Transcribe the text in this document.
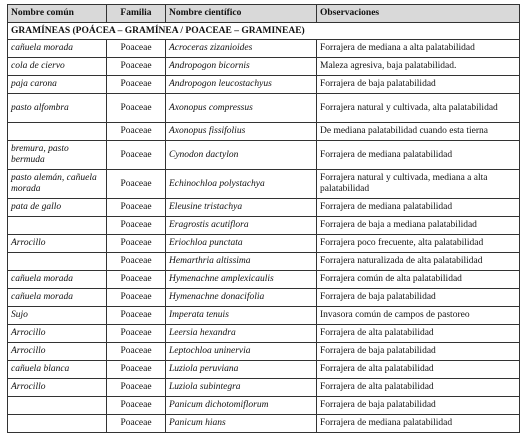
Nombre común	Familia	Nombre científico	Observaciones
GRAMÍNEAS (POÁCEA – GRAMÍNEA / POACEAE – GRAMINEAE)			
cañuela morada	Poaceae	Acroceras zizanioides	Forrajera de mediana a alta palatabilidad
cola de ciervo	Poaceae	Andropogon bicornis	Maleza agresiva, baja palatabilidad.
paja carona	Poaceae	Andropogon leucostachyus	Forrajera de baja palatabilidad
pasto alfombra	Poaceae	Axonopus compressus	Forrajera natural y cultivada, alta palatabilidad
	Poaceae	Axonopus fissifolius	De mediana palatabilidad cuando esta tierna
bremura, pasto bermuda	Poaceae	Cynodon dactylon	Forrajera de mediana palatabilidad
pasto alemán, cañuela morada	Poaceae	Echinochloa polystachya	Forrajera natural y cultivada, mediana a alta palatabilidad
pata de gallo	Poaceae	Eleusine tristachya	Forrajera de mediana palatabilidad
	Poaceae	Eragrostis acutiflora	Forrajera de baja a mediana palatabilidad
Arrocillo	Poaceae	Eriochloa punctata	Forrajera poco frecuente, alta palatabilidad
	Poaceae	Hemarthria altissima	Forrajera naturalizada de alta palatabilidad
cañuela morada	Poaceae	Hymenachne amplexicaulis	Forrajera común de alta palatabilidad
cañuela morada	Poaceae	Hymenachne donacifolia	Forrajera de baja palatabilidad
Sujo	Poaceae	Imperata tenuis	Invasora común de campos de pastoreo
Arrocillo	Poaceae	Leersia hexandra	Forrajera de alta palatabilidad
Arrocillo	Poaceae	Leptochloa uninervia	Forrajera de baja palatabilidad
cañuela blanca	Poaceae	Luziola peruviana	Forrajera de alta palatabilidad
Arrocillo	Poaceae	Luziola subintegra	Forrajera de alta palatabilidad
	Poaceae	Panicum dichotomiflorum	Forrajera de baja palatabilidad
	Poaceae	Panicum hians	Forrajera de mediana palatabilidad
